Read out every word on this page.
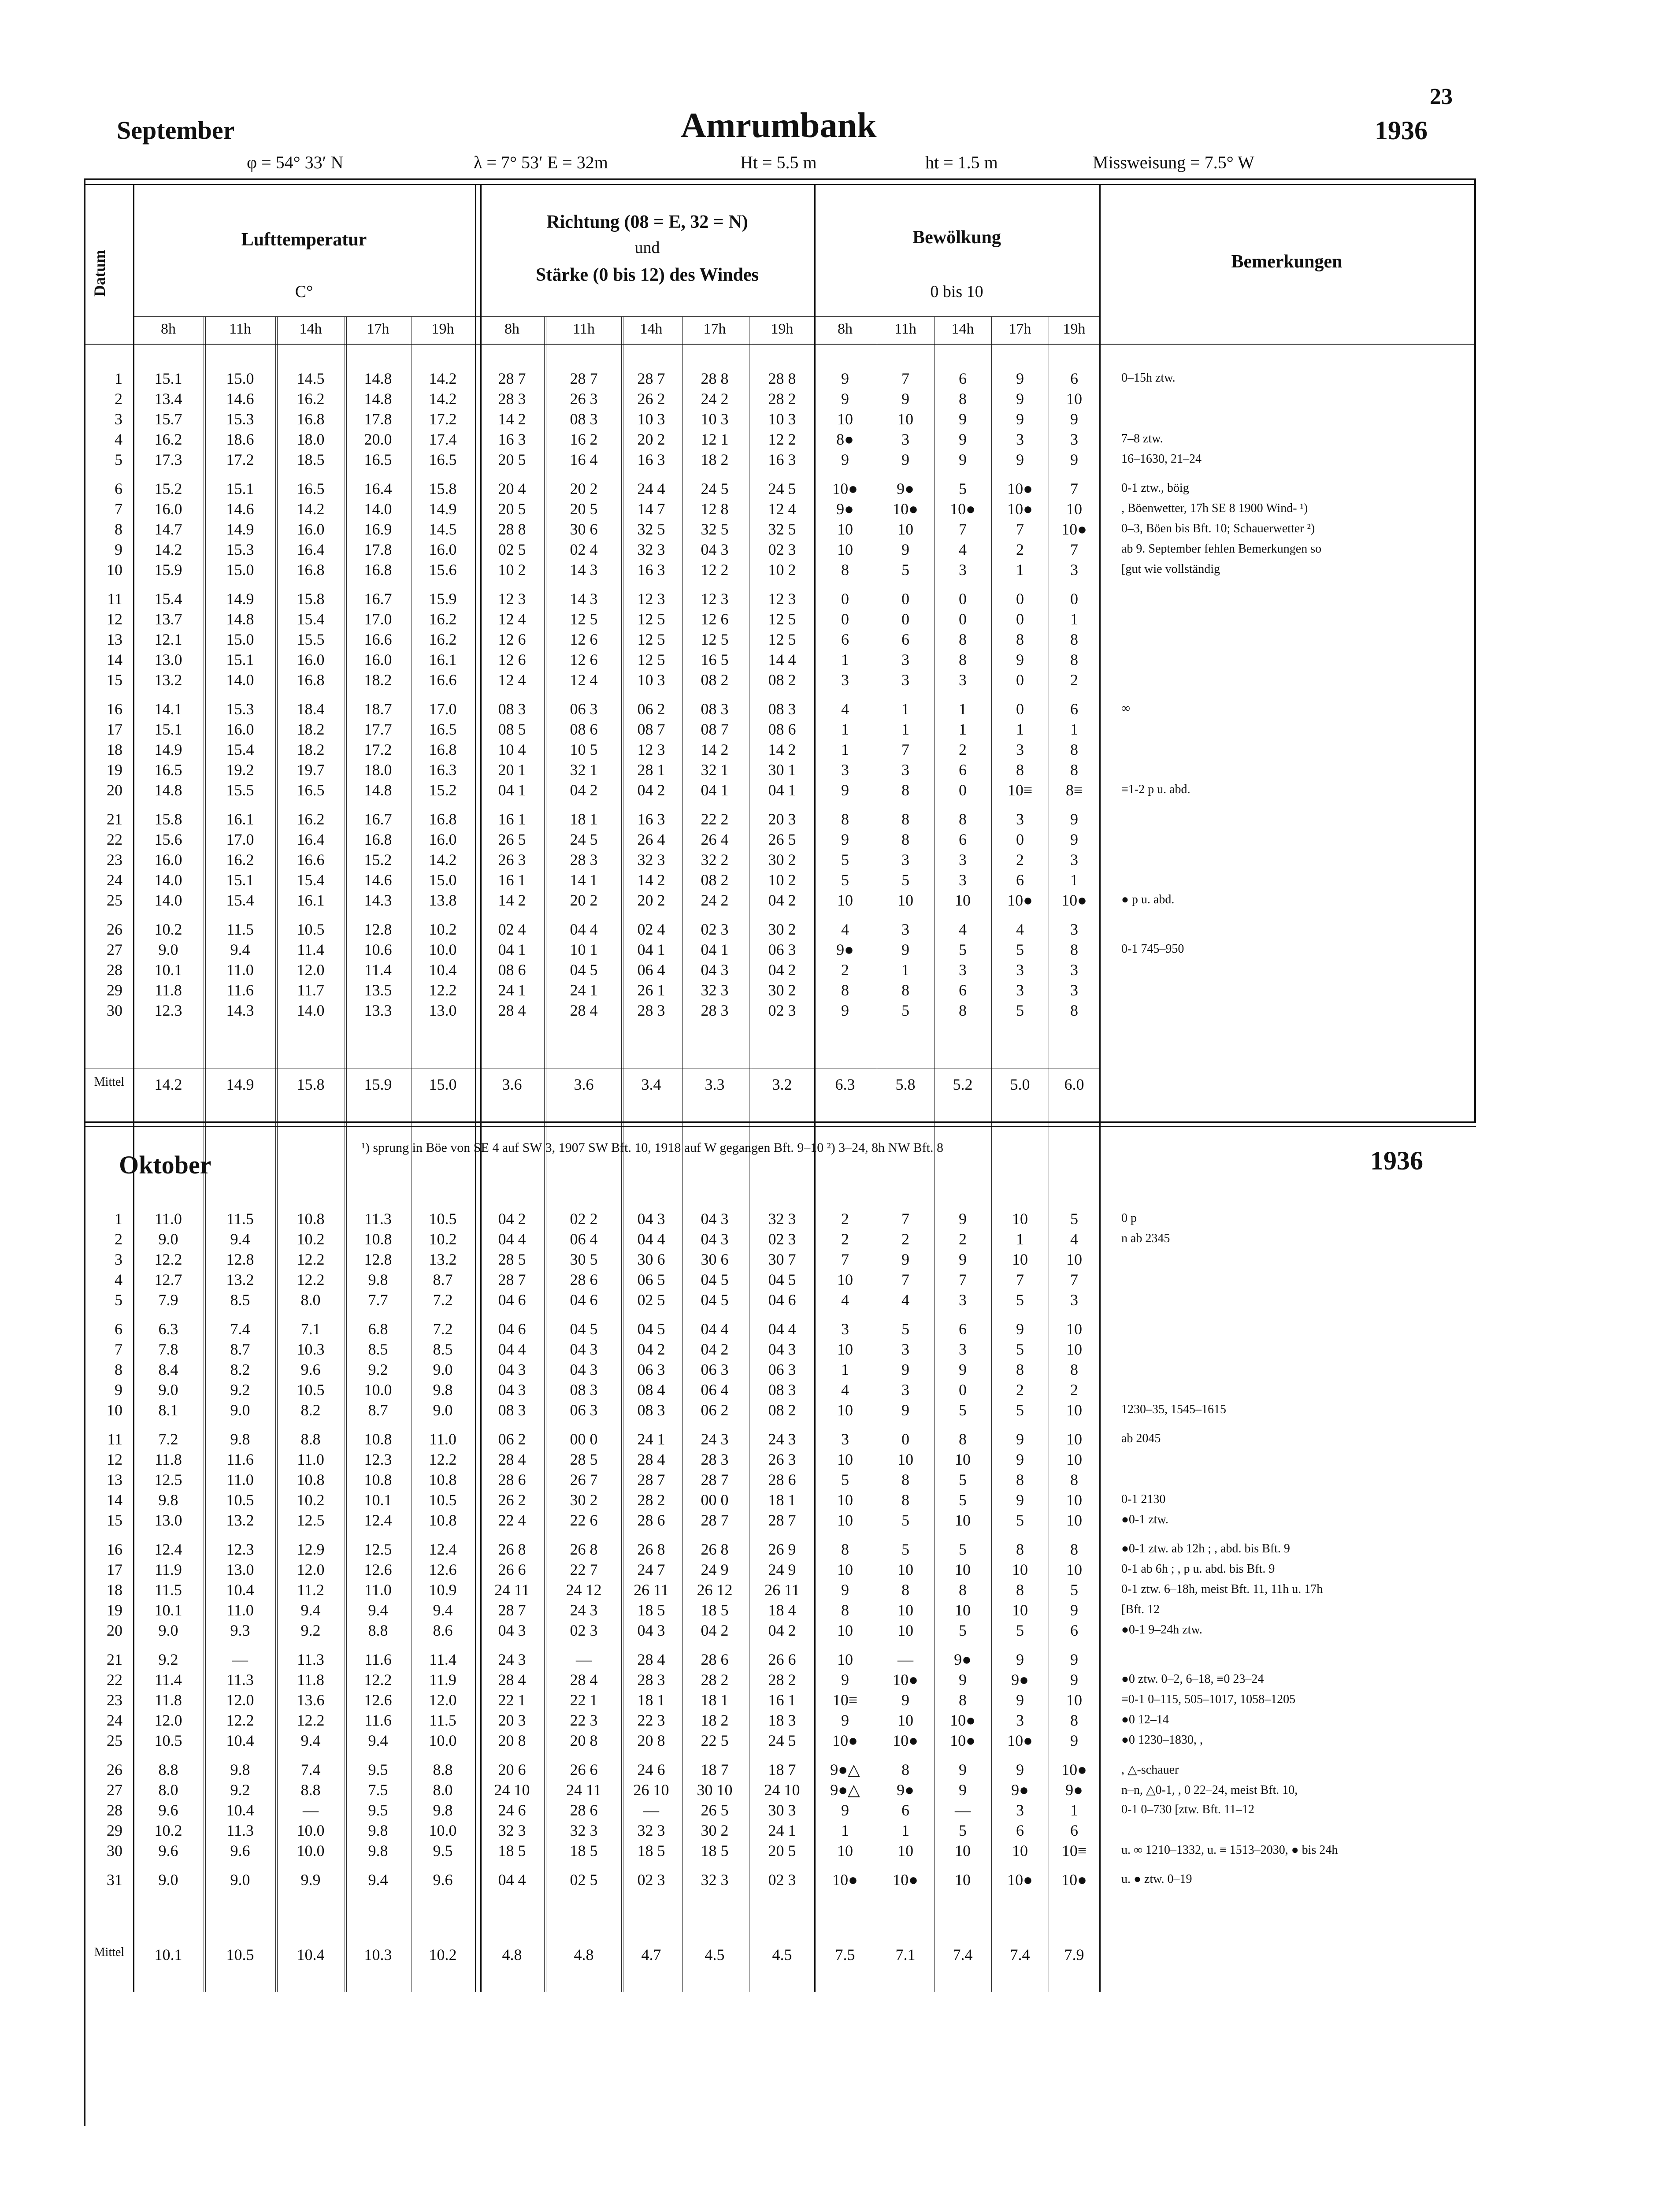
23
September	Amrumbank	1936
φ = 54° 33′ N	λ = 7° 53′ E = 32m	Ht = 5.5 m	ht = 1.5 m	Missweisung = 7.5° W
Datum
Lufttemperatur
C°
Richtung (08 = E, 32 = N)
und
Stärke (0 bis 12) des Windes
Bewölkung
0 bis 10
Bemerkungen
8h	11h	14h	17h	19h	8h	11h	14h	17h	19h	8h	11h	14h	17h	19h
1	15.1	15.0	14.5	14.8	14.2	28 7	28 7	28 7	28 8	28 8	9	7	6	9	6	0–15h ztw.
2	13.4	14.6	16.2	14.8	14.2	28 3	26 3	26 2	24 2	28 2	9	9	8	9	10
3	15.7	15.3	16.8	17.8	17.2	14 2	08 3	10 3	10 3	10 3	10	10	9	9	9
4	16.2	18.6	18.0	20.0	17.4	16 3	16 2	20 2	12 1	12 2	8●	3	9	3	3	7–8 ztw.
5	17.3	17.2	18.5	16.5	16.5	20 5	16 4	16 3	18 2	16 3	9	9	9	9	9	16–1630, 21–24
6	15.2	15.1	16.5	16.4	15.8	20 4	20 2	24 4	24 5	24 5	10●	9●	5	10●	7	0-1 ztw., böig
7	16.0	14.6	14.2	14.0	14.9	20 5	20 5	14 7	12 8	12 4	9●	10●	10●	10●	10	, Böenwetter, 17h SE 8 1900 Wind- ¹)
8	14.7	14.9	16.0	16.9	14.5	28 8	30 6	32 5	32 5	32 5	10	10	7	7	10●	0–3, Böen bis Bft. 10; Schauerwetter ²)
9	14.2	15.3	16.4	17.8	16.0	02 5	02 4	32 3	04 3	02 3	10	9	4	2	7	ab 9. September fehlen Bemerkungen so
10	15.9	15.0	16.8	16.8	15.6	10 2	14 3	16 3	12 2	10 2	8	5	3	1	3	[gut wie vollständig
11	15.4	14.9	15.8	16.7	15.9	12 3	14 3	12 3	12 3	12 3	0	0	0	0	0
12	13.7	14.8	15.4	17.0	16.2	12 4	12 5	12 5	12 6	12 5	0	0	0	0	1
13	12.1	15.0	15.5	16.6	16.2	12 6	12 6	12 5	12 5	12 5	6	6	8	8	8
14	13.0	15.1	16.0	16.0	16.1	12 6	12 6	12 5	16 5	14 4	1	3	8	9	8
15	13.2	14.0	16.8	18.2	16.6	12 4	12 4	10 3	08 2	08 2	3	3	3	0	2
16	14.1	15.3	18.4	18.7	17.0	08 3	06 3	06 2	08 3	08 3	4	1	1	0	6	∞
17	15.1	16.0	18.2	17.7	16.5	08 5	08 6	08 7	08 7	08 6	1	1	1	1	1
18	14.9	15.4	18.2	17.2	16.8	10 4	10 5	12 3	14 2	14 2	1	7	2	3	8
19	16.5	19.2	19.7	18.0	16.3	20 1	32 1	28 1	32 1	30 1	3	3	6	8	8
20	14.8	15.5	16.5	14.8	15.2	04 1	04 2	04 2	04 1	04 1	9	8	0	10≡	8≡	≡1-2 p u. abd.
21	15.8	16.1	16.2	16.7	16.8	16 1	18 1	16 3	22 2	20 3	8	8	8	3	9
22	15.6	17.0	16.4	16.8	16.0	26 5	24 5	26 4	26 4	26 5	9	8	6	0	9
23	16.0	16.2	16.6	15.2	14.2	26 3	28 3	32 3	32 2	30 2	5	3	3	2	3
24	14.0	15.1	15.4	14.6	15.0	16 1	14 1	14 2	08 2	10 2	5	5	3	6	1
25	14.0	15.4	16.1	14.3	13.8	14 2	20 2	20 2	24 2	04 2	10	10	10	10●	10●	● p u. abd.
26	10.2	11.5	10.5	12.8	10.2	02 4	04 4	02 4	02 3	30 2	4	3	4	4	3
27	9.0	9.4	11.4	10.6	10.0	04 1	10 1	04 1	04 1	06 3	9●	9	5	5	8	0-1 745–950
28	10.1	11.0	12.0	11.4	10.4	08 6	04 5	06 4	04 3	04 2	2	1	3	3	3
29	11.8	11.6	11.7	13.5	12.2	24 1	24 1	26 1	32 3	30 2	8	8	6	3	3
30	12.3	14.3	14.0	13.3	13.0	28 4	28 4	28 3	28 3	02 3	9	5	8	5	8
Mittel	14.2	14.9	15.8	15.9	15.0	3.6	3.6	3.4	3.3	3.2	6.3	5.8	5.2	5.0	6.0
Oktober
¹) sprung in Böe von SE 4 auf SW 3, 1907 SW Bft. 10, 1918 auf W gegangen Bft. 9–10 ²) 3–24, 8h NW Bft. 8	1936
1	11.0	11.5	10.8	11.3	10.5	04 2	02 2	04 3	04 3	32 3	2	7	9	10	5	0 p
2	9.0	9.4	10.2	10.8	10.2	04 4	06 4	04 4	04 3	02 3	2	2	2	1	4	n ab 2345
3	12.2	12.8	12.2	12.8	13.2	28 5	30 5	30 6	30 6	30 7	7	9	9	10	10
4	12.7	13.2	12.2	9.8	8.7	28 7	28 6	06 5	04 5	04 5	10	7	7	7	7
5	7.9	8.5	8.0	7.7	7.2	04 6	04 6	02 5	04 5	04 6	4	4	3	5	3
6	6.3	7.4	7.1	6.8	7.2	04 6	04 5	04 5	04 4	04 4	3	5	6	9	10
7	7.8	8.7	10.3	8.5	8.5	04 4	04 3	04 2	04 2	04 3	10	3	3	5	10
8	8.4	8.2	9.6	9.2	9.0	04 3	04 3	06 3	06 3	06 3	1	9	9	8	8
9	9.0	9.2	10.5	10.0	9.8	04 3	08 3	08 4	06 4	08 3	4	3	0	2	2
10	8.1	9.0	8.2	8.7	9.0	08 3	06 3	08 3	06 2	08 2	10	9	5	5	10	1230–35, 1545–1615
11	7.2	9.8	8.8	10.8	11.0	06 2	00 0	24 1	24 3	24 3	3	0	8	9	10	ab 2045
12	11.8	11.6	11.0	12.3	12.2	28 4	28 5	28 4	28 3	26 3	10	10	10	9	10
13	12.5	11.0	10.8	10.8	10.8	28 6	26 7	28 7	28 7	28 6	5	8	5	8	8
14	9.8	10.5	10.2	10.1	10.5	26 2	30 2	28 2	00 0	18 1	10	8	5	9	10	0-1 2130
15	13.0	13.2	12.5	12.4	10.8	22 4	22 6	28 6	28 7	28 7	10	5	10	5	10	●0-1 ztw.
16	12.4	12.3	12.9	12.5	12.4	26 8	26 8	26 8	26 8	26 9	8	5	5	8	8	●0-1 ztw. ab 12h ; , abd. bis Bft. 9
17	11.9	13.0	12.0	12.6	12.6	26 6	22 7	24 7	24 9	24 9	10	10	10	10	10	0-1 ab 6h ; , p u. abd. bis Bft. 9
18	11.5	10.4	11.2	11.0	10.9	24 11	24 12	26 11	26 12	26 11	9	8	8	8	5	0-1 ztw. 6–18h, meist Bft. 11, 11h u. 17h
19	10.1	11.0	9.4	9.4	9.4	28 7	24 3	18 5	18 5	18 4	8	10	10	10	9	[Bft. 12
20	9.0	9.3	9.2	8.8	8.6	04 3	02 3	04 3	04 2	04 2	10	10	5	5	6	●0-1 9–24h ztw.
21	9.2	—	11.3	11.6	11.4	24 3	—	28 4	28 6	26 6	10	—	9●	9	9
22	11.4	11.3	11.8	12.2	11.9	28 4	28 4	28 3	28 2	28 2	9	10●	9	9●	9	●0 ztw. 0–2, 6–18, ≡0 23–24
23	11.8	12.0	13.6	12.6	12.0	22 1	22 1	18 1	18 1	16 1	10≡	9	8	9	10	≡0-1 0–115, 505–1017, 1058–1205
24	12.0	12.2	12.2	11.6	11.5	20 3	22 3	22 3	18 2	18 3	9	10	10●	3	8	●0 12–14
25	10.5	10.4	9.4	9.4	10.0	20 8	20 8	20 8	22 5	24 5	10●	10●	10●	10●	9	●0 1230–1830, ,
26	8.8	9.8	7.4	9.5	8.8	20 6	26 6	24 6	18 7	18 7	9●△	8	9	9	10●	, △-schauer
27	8.0	9.2	8.8	7.5	8.0	24 10	24 11	26 10	30 10	24 10	9●△	9●	9	9●	9●	n–n, △0-1, , 0 22–24, meist Bft. 10,
28	9.6	10.4	—	9.5	9.8	24 6	28 6	—	26 5	30 3	9	6	—	3	1	0-1 0–730 [ztw. Bft. 11–12
29	10.2	11.3	10.0	9.8	10.0	32 3	32 3	32 3	30 2	24 1	1	1	5	6	6
30	9.6	9.6	10.0	9.8	9.5	18 5	18 5	18 5	18 5	20 5	10	10	10	10	10≡	u. ∞ 1210–1332, u. ≡ 1513–2030, ● bis 24h
31	9.0	9.0	9.9	9.4	9.6	04 4	02 5	02 3	32 3	02 3	10●	10●	10	10●	10●	u. ● ztw. 0–19
Mittel	10.1	10.5	10.4	10.3	10.2	4.8	4.8	4.7	4.5	4.5	7.5	7.1	7.4	7.4	7.9
